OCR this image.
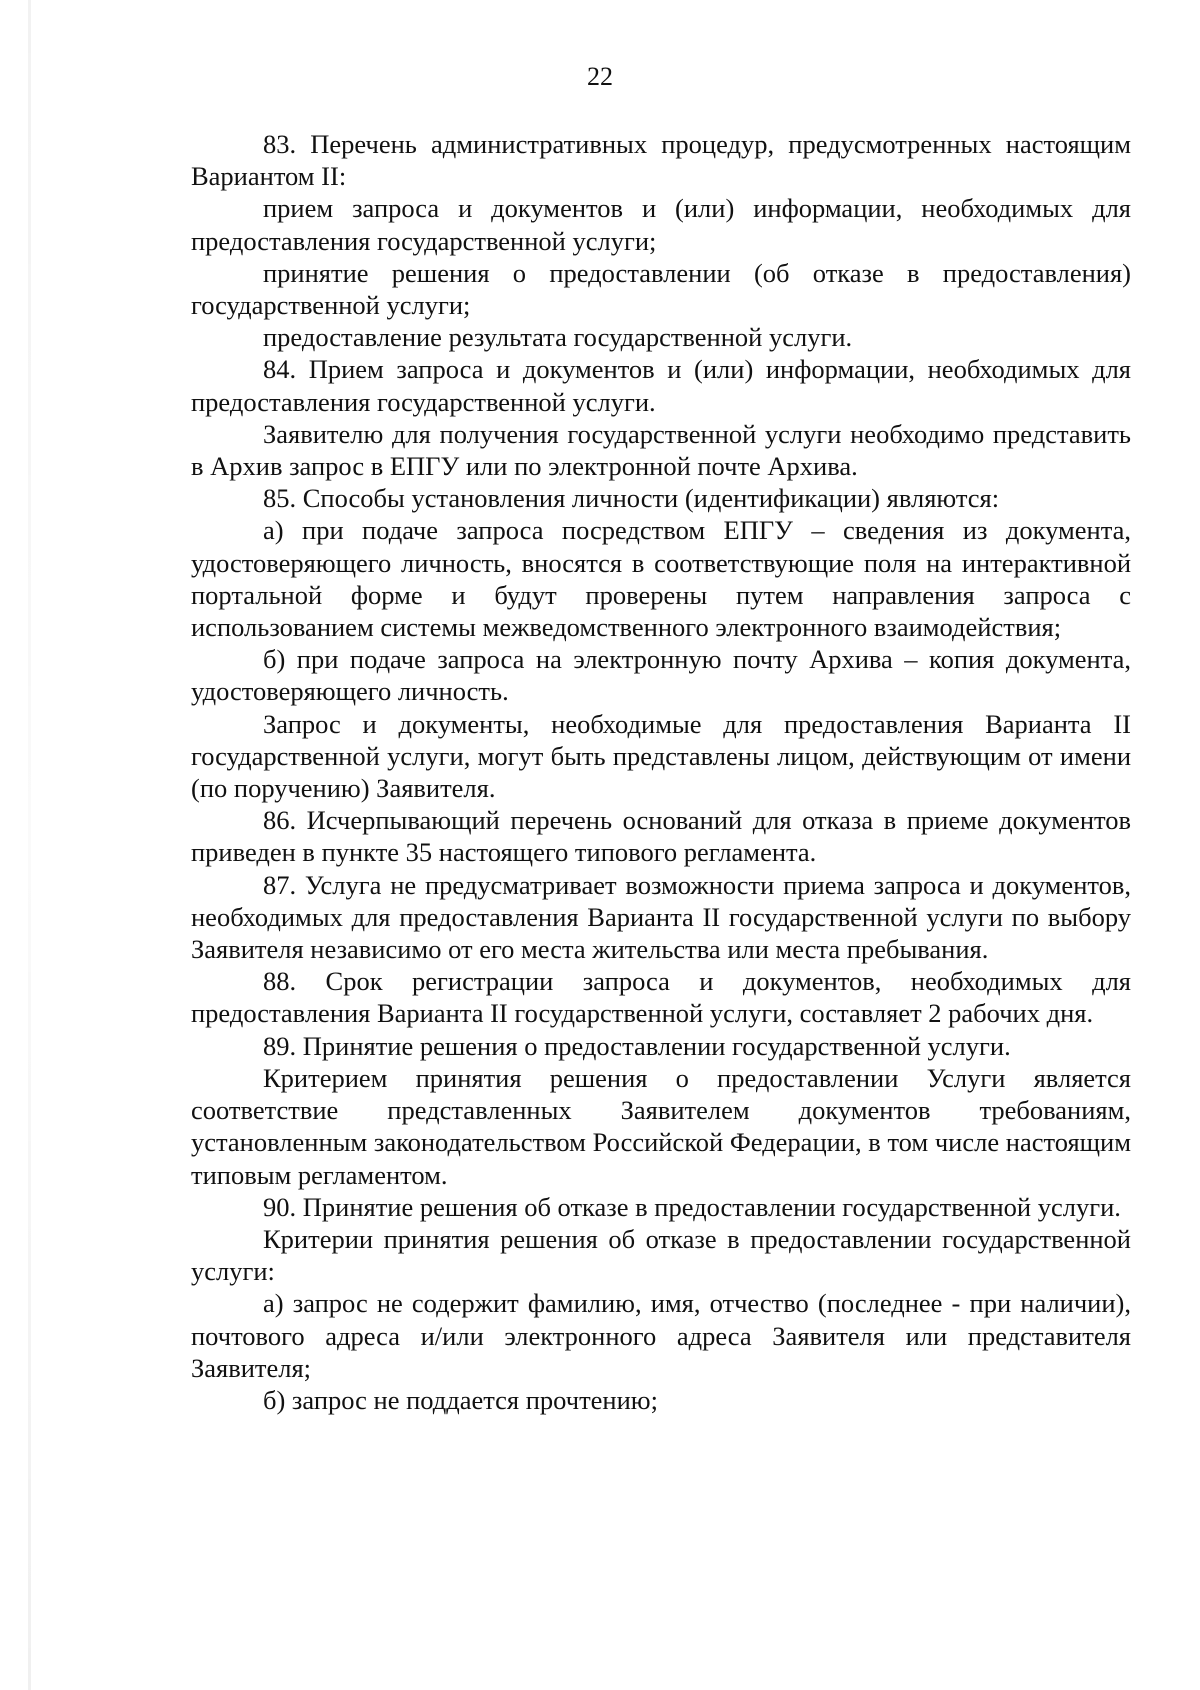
22

83. Перечень административных процедур, предусмотренных настоящим Вариантом II:

прием запроса и документов и (или) информации, необходимых для предоставления государственной услуги;

принятие решения о предоставлении (об отказе в предоставления) государственной услуги;

предоставление результата государственной услуги.

84. Прием запроса и документов и (или) информации, необходимых для предоставления государственной услуги.

Заявителю для получения государственной услуги необходимо представить в Архив запрос в ЕПГУ или по электронной почте Архива.

85. Способы установления личности (идентификации) являются:

а) при подаче запроса посредством ЕПГУ – сведения из документа, удостоверяющего личность, вносятся в соответствующие поля на интерактивной портальной форме и будут проверены путем направления запроса с использованием системы межведомственного электронного взаимодействия;

б) при подаче запроса на электронную почту Архива – копия документа, удостоверяющего личность.

Запрос и документы, необходимые для предоставления Варианта II государственной услуги, могут быть представлены лицом, действующим от имени (по поручению) Заявителя.

86. Исчерпывающий перечень оснований для отказа в приеме документов приведен в пункте 35 настоящего типового регламента.

87. Услуга не предусматривает возможности приема запроса и документов, необходимых для предоставления Варианта II государственной услуги по выбору Заявителя независимо от его места жительства или места пребывания.

88. Срок регистрации запроса и документов, необходимых для предоставления Варианта II государственной услуги, составляет 2 рабочих дня.

89. Принятие решения о предоставлении государственной услуги.

Критерием принятия решения о предоставлении Услуги является соответствие представленных Заявителем документов требованиям, установленным законодательством Российской Федерации, в том числе настоящим типовым регламентом.

90. Принятие решения об отказе в предоставлении государственной услуги.

Критерии принятия решения об отказе в предоставлении государственной услуги:

а) запрос не содержит фамилию, имя, отчество (последнее - при наличии), почтового адреса и/или электронного адреса Заявителя или представителя Заявителя;

б) запрос не поддается прочтению;
